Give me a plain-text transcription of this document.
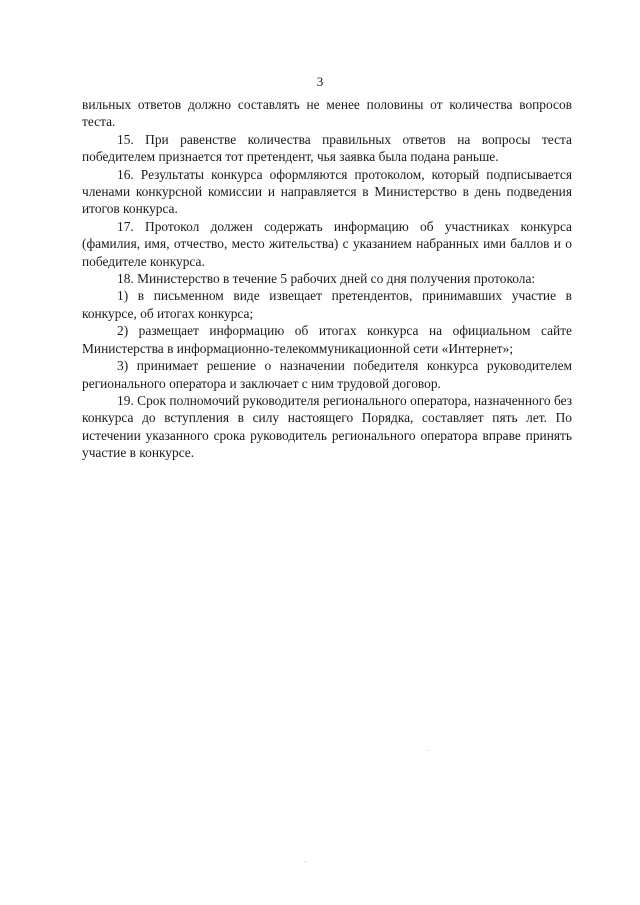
3

вильных ответов должно составлять не менее половины от количества вопросов теста.

15. При равенстве количества правильных ответов на вопросы теста победителем признается тот претендент, чья заявка была подана раньше.

16. Результаты конкурса оформляются протоколом, который подписывается членами конкурсной комиссии и направляется в Министерство в день подведения итогов конкурса.

17. Протокол должен содержать информацию об участниках конкурса (фамилия, имя, отчество, место жительства) с указанием набранных ими баллов и о победителе конкурса.

18. Министерство в течение 5 рабочих дней со дня получения протокола:

1) в письменном виде извещает претендентов, принимавших участие в конкурсе, об итогах конкурса;

2) размещает информацию об итогах конкурса на официальном сайте Министерства в информационно-телекоммуникационной сети «Интернет»;

3) принимает решение о назначении победителя конкурса руководителем регионального оператора и заключает с ним трудовой договор.

19. Срок полномочий руководителя регионального оператора, назначенного без конкурса до вступления в силу настоящего Порядка, составляет пять лет. По истечении указанного срока руководитель регионального оператора вправе принять участие в конкурсе.
